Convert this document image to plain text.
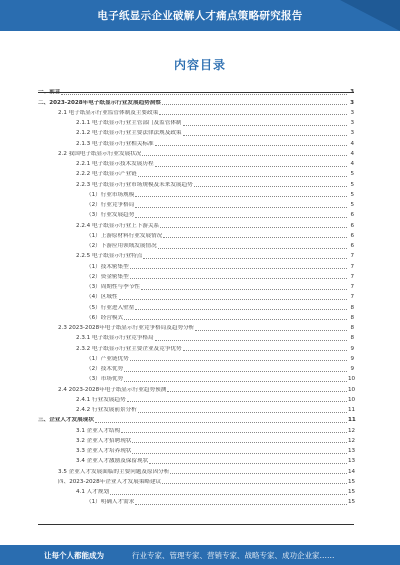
电子纸显示企业破解人才痛点策略研究报告
内容目录
一、前言	3
二、2023-2028年电子纸显示行业发展趋势洞察	3
2.1 电子纸显示行业监管体制及主要政策	3
2.1.1 电子纸显示行业主管部门及监管体制	3
2.1.2 电子纸显示行业主要法律法规及政策	3
2.1.3 电子纸显示行业相关标准	4
2.2 我国电子纸显示行业发展状况	4
2.2.1 电子纸显示技术发展历程	4
2.2.2 电子纸显示产业链	5
2.2.3 电子纸显示行业市场规模及未来发展趋势	5
（1）行业市场规模	5
（2）行业竞争格局	5
（3）行业发展趋势	6
2.2.4 电子纸显示行业上下游关系	6
（1）上游原材料行业发展情况	6
（2）下游应用领域发展情况	6
2.2.5 电子纸显示行业特点	7
（1）技术密集型	7
（2）资金密集型	7
（3）周期性与季节性	7
（4）区域性	7
（5）行业进入壁垒	8
（6）经营模式	8
2.3 2023-2028年电子纸显示行业竞争格局及趋势分析	8
2.3.1 电子纸显示行业竞争格局	8
2.3.2 电子纸显示行业主要企业及竞争优势	9
（1）产业链优势	9
（2）技术优势	9
（3）市场优势	10
2.4 2023-2028年电子纸显示行业趋势预测	10
2.4.1 行业发展趋势	10
2.4.2 行业发展前景分析	11
三、企业人才发展现状	11
3.1 企业人才结构	12
3.2 企业人才招聘现状	12
3.3 企业人才培养现状	13
3.4 企业人才激励及保留现状	13
3.5 企业人才发展面临的主要问题及原因分析	14
四、2023-2028年企业人才发展策略建议	15
4.1 人才规划	15
（1）明确人才需求	15
让每个人都能成为	行业专家、管理专家、营销专家、战略专家、成功企业家……
